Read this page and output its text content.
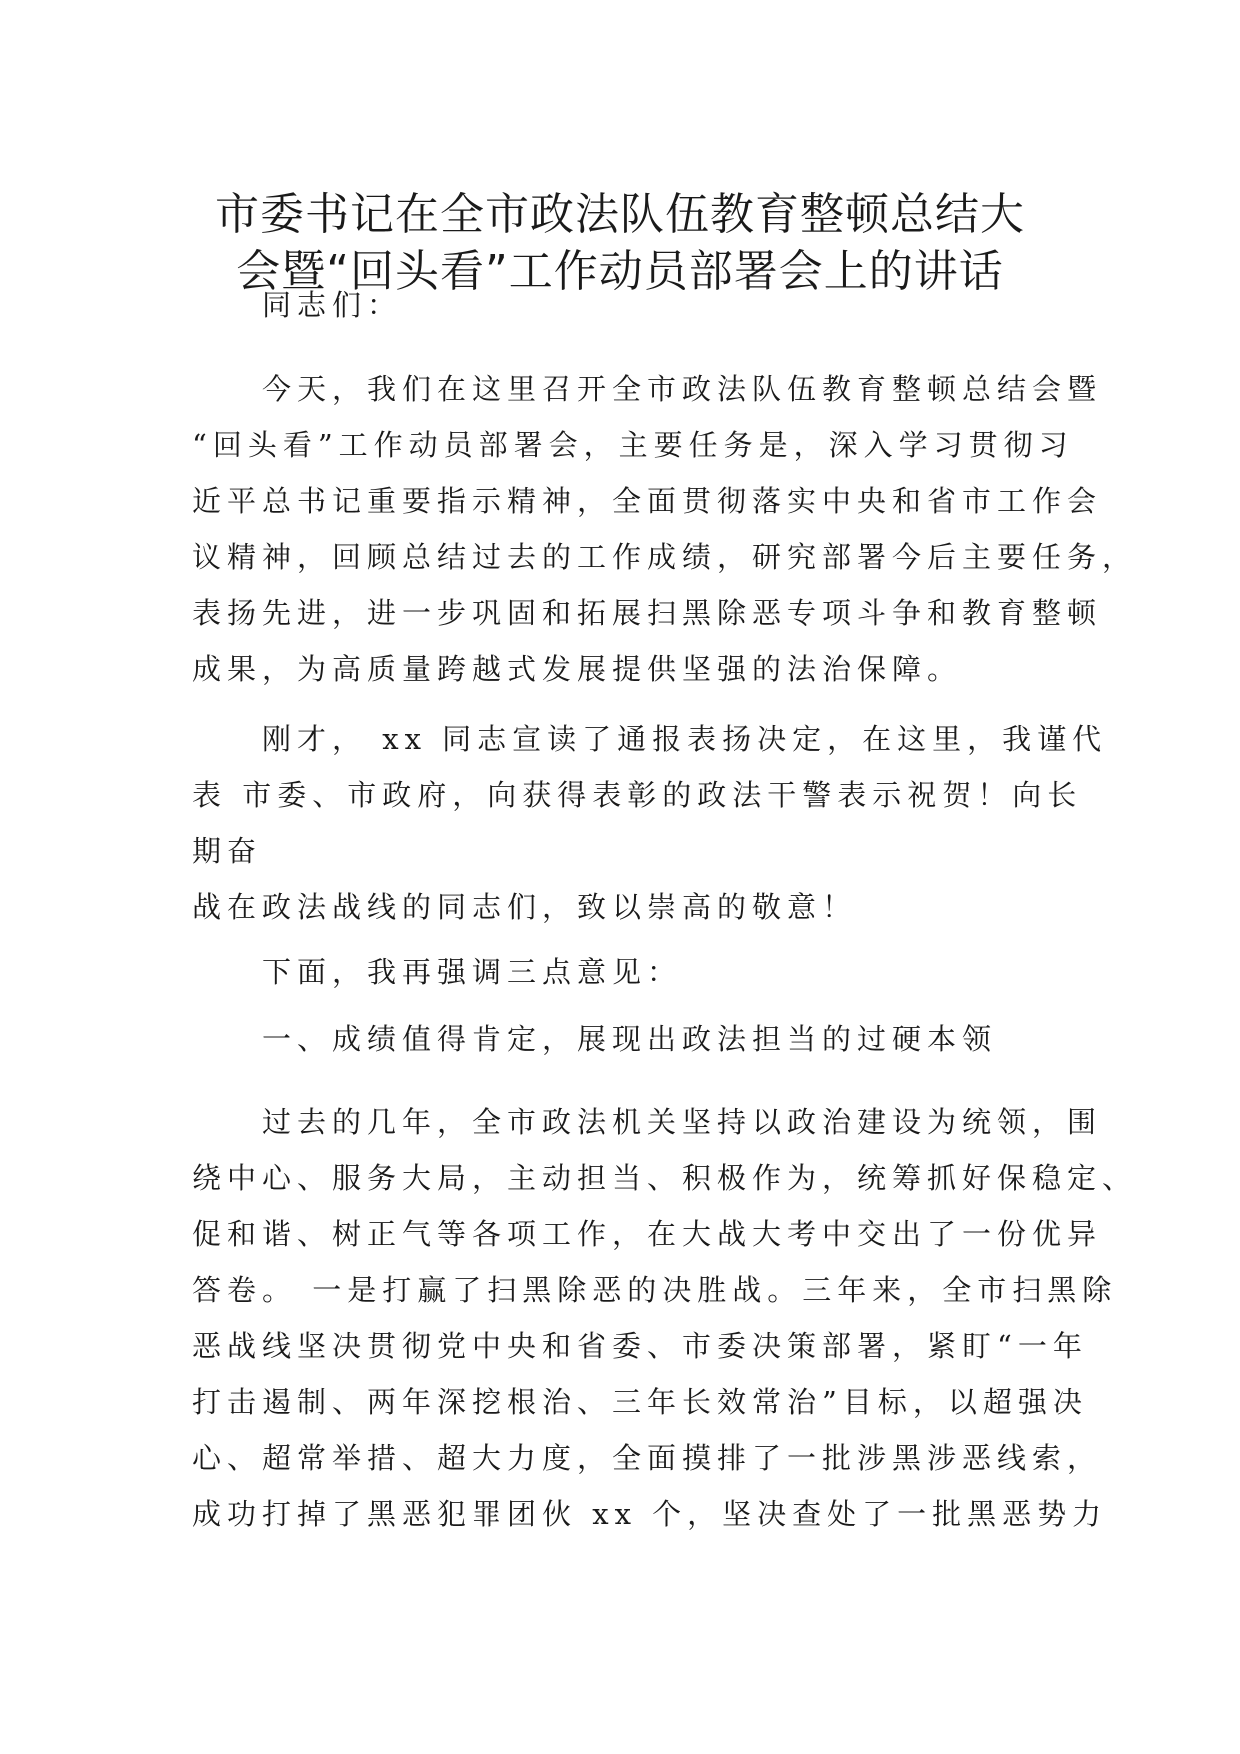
市委书记在全市政法队伍教育整顿总结大
会暨“回头看”工作动员部署会上的讲话
　　同志们：
　　今天，我们在这里召开全市政法队伍教育整顿总结会暨
“回头看”工作动员部署会，主要任务是，深入学习贯彻习
近平总书记重要指示精神，全面贯彻落实中央和省市工作会
议精神，回顾总结过去的工作成绩，研究部署今后主要任务，
表扬先进，进一步巩固和拓展扫黑除恶专项斗争和教育整顿
成果，为高质量跨越式发展提供坚强的法治保障。
　　刚才， xx 同志宣读了通报表扬决定，在这里，我谨代
表 市委、市政府，向获得表彰的政法干警表示祝贺！向长
期奋
战在政法战线的同志们，致以崇高的敬意！
　　下面，我再强调三点意见：
　　一、成绩值得肯定，展现出政法担当的过硬本领
　　过去的几年，全市政法机关坚持以政治建设为统领，围
绕中心、服务大局，主动担当、积极作为，统筹抓好保稳定、
促和谐、树正气等各项工作，在大战大考中交出了一份优异
答卷。 一是打赢了扫黑除恶的决胜战。三年来，全市扫黑除
恶战线坚决贯彻党中央和省委、市委决策部署，紧盯“一年
打击遏制、两年深挖根治、三年长效常治”目标，以超强决
心、超常举措、超大力度，全面摸排了一批涉黑涉恶线索，
成功打掉了黑恶犯罪团伙 xx 个，坚决查处了一批黑恶势力
